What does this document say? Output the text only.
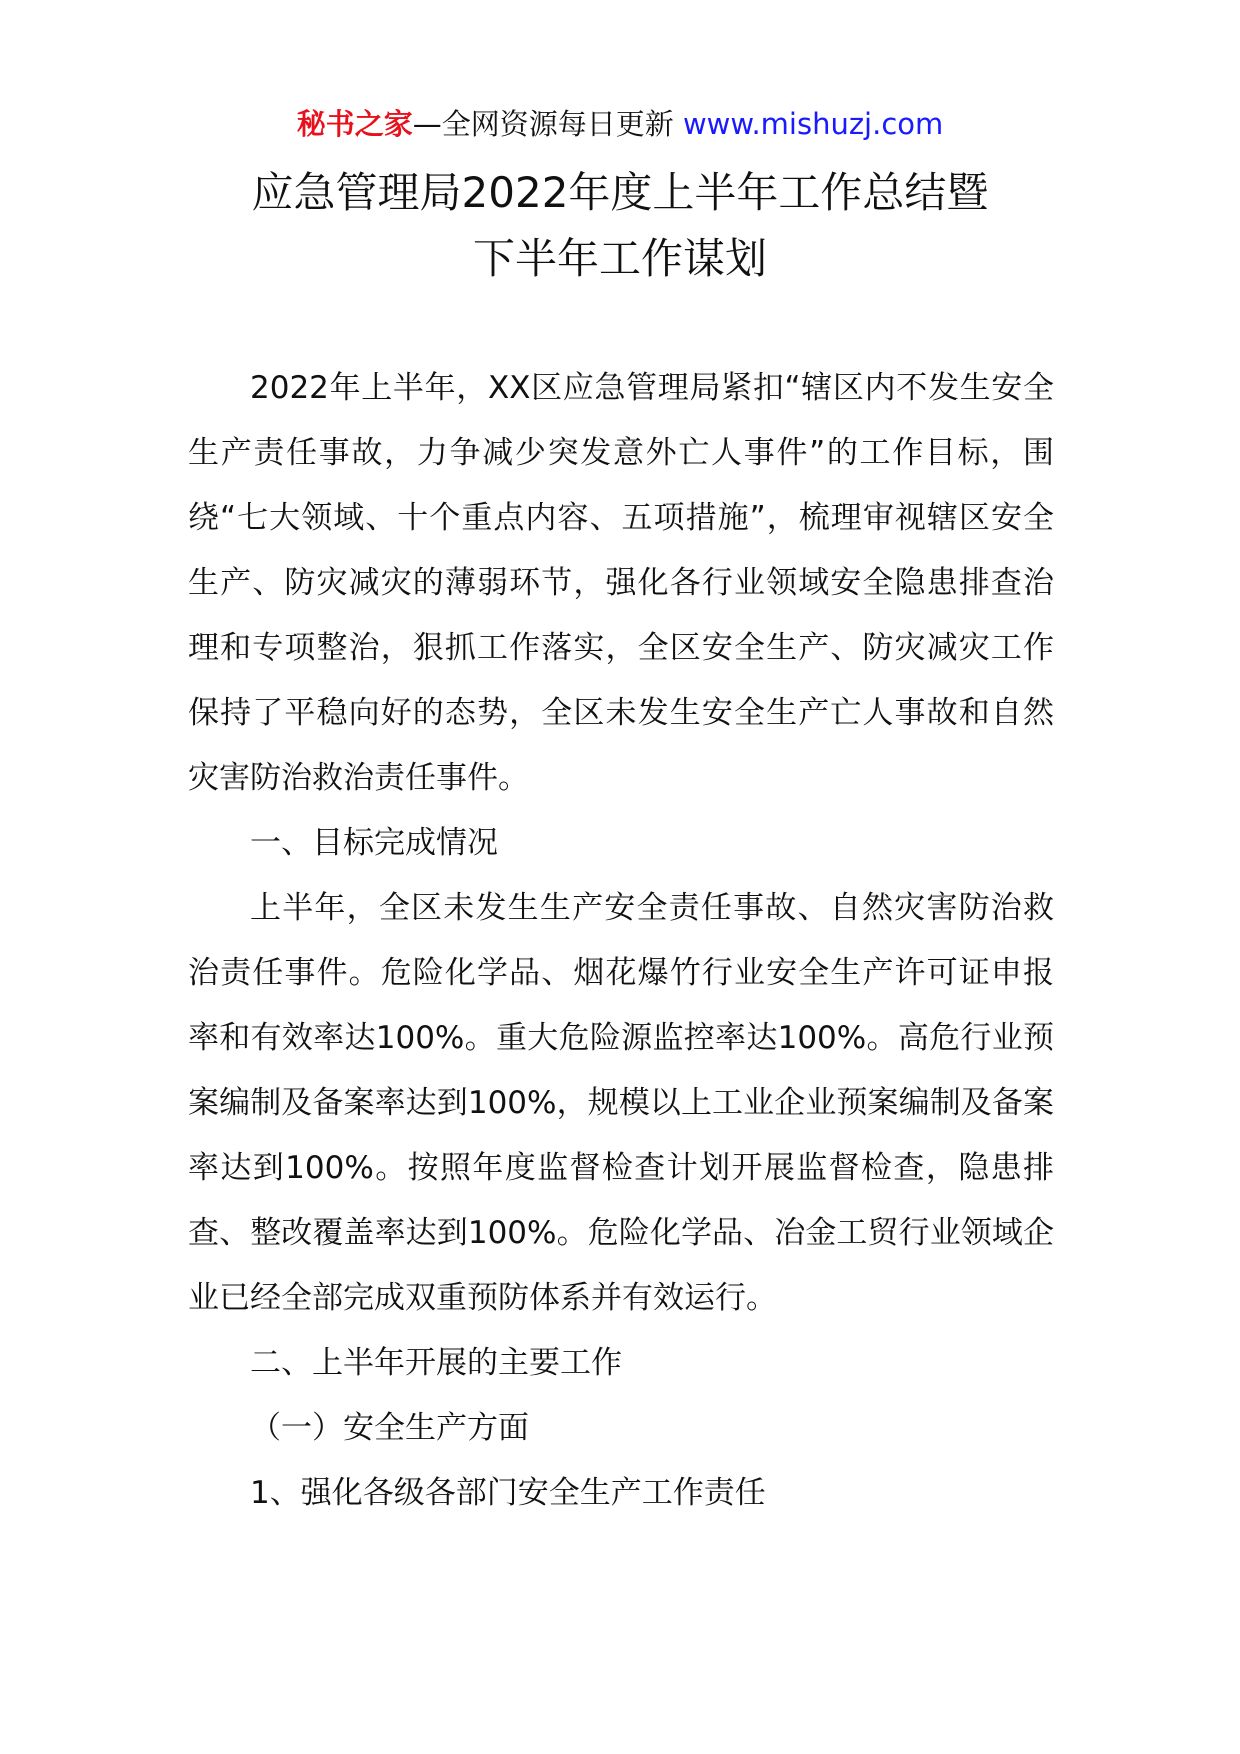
秘书之家—全网资源每日更新 www.mishuzj.com
应急管理局2022年度上半年工作总结暨
下半年工作谋划

2022年上半年，XX区应急管理局紧扣“辖区内不发生安全生产责任事故，力争减少突发意外亡人事件”的工作目标，围绕“七大领域、十个重点内容、五项措施”，梳理审视辖区安全生产、防灾减灾的薄弱环节，强化各行业领域安全隐患排查治理和专项整治，狠抓工作落实，全区安全生产、防灾减灾工作保持了平稳向好的态势，全区未发生安全生产亡人事故和自然灾害防治救治责任事件。

一、目标完成情况

上半年，全区未发生生产安全责任事故、自然灾害防治救治责任事件。危险化学品、烟花爆竹行业安全生产许可证申报率和有效率达100%。重大危险源监控率达100%。高危行业预案编制及备案率达到100%，规模以上工业企业预案编制及备案率达到100%。按照年度监督检查计划开展监督检查，隐患排查、整改覆盖率达到100%。危险化学品、冶金工贸行业领域企业已经全部完成双重预防体系并有效运行。

二、上半年开展的主要工作

（一）安全生产方面

1、强化各级各部门安全生产工作责任
